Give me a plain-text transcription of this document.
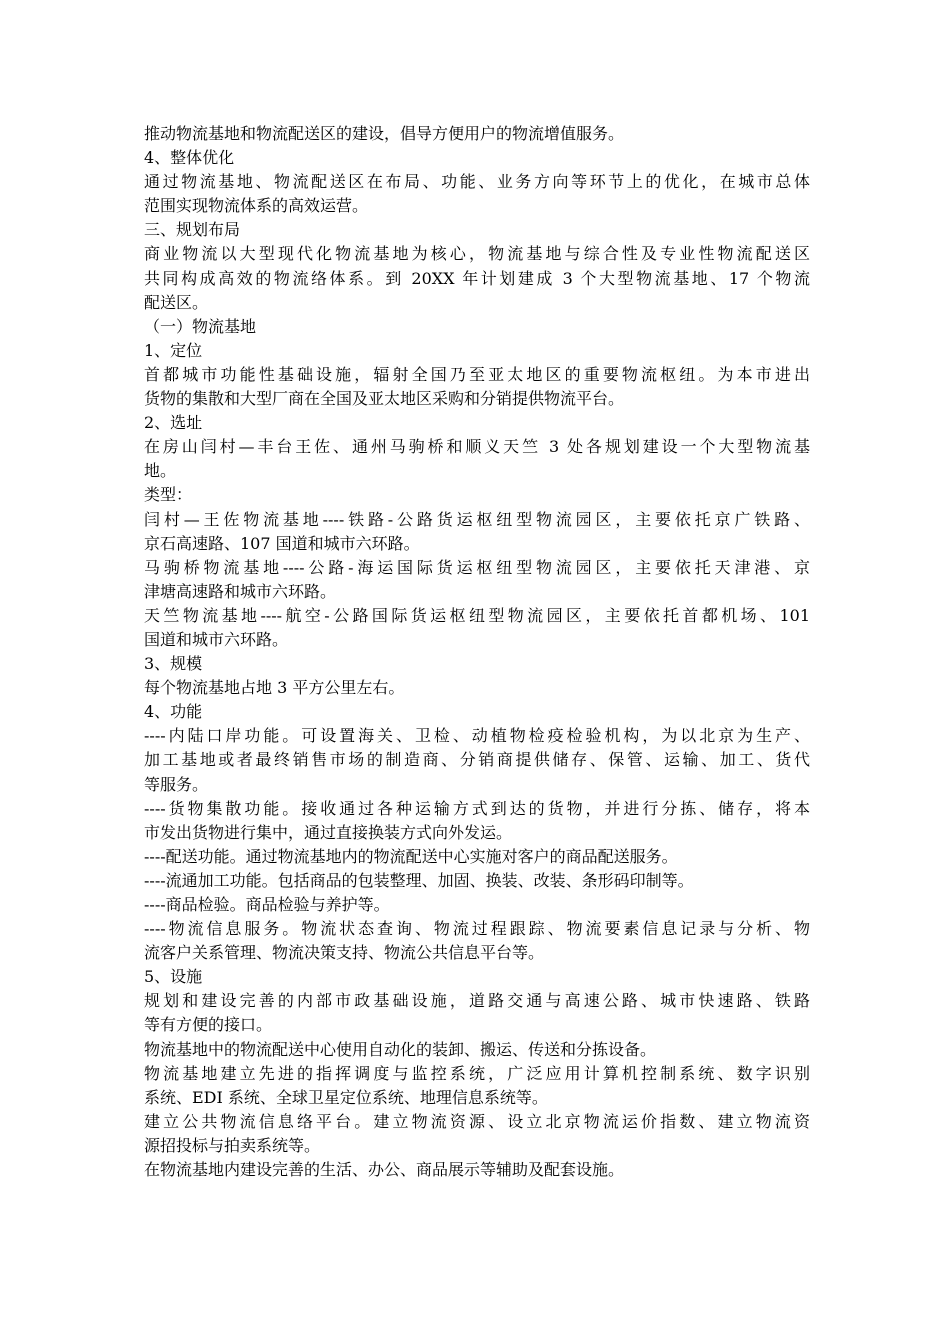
推动物流基地和物流配送区的建设，倡导方便用户的物流增值服务。
4、整体优化
通过物流基地、物流配送区在布局、功能、业务方向等环节上的优化，在城市总体
范围实现物流体系的高效运营。
三、规划布局
商业物流以大型现代化物流基地为核心，物流基地与综合性及专业性物流配送区
共同构成高效的物流络体系。到 20XX 年计划建成 3 个大型物流基地、17 个物流
配送区。
（一）物流基地
1、定位
首都城市功能性基础设施，辐射全国乃至亚太地区的重要物流枢纽。为本市进出
货物的集散和大型厂商在全国及亚太地区采购和分销提供物流平台。
2、选址
在房山闫村—丰台王佐、通州马驹桥和顺义天竺 3 处各规划建设一个大型物流基
地。
类型：
闫村—王佐物流基地----铁路-公路货运枢纽型物流园区，主要依托京广铁路、
京石高速路、107 国道和城市六环路。
马驹桥物流基地----公路-海运国际货运枢纽型物流园区，主要依托天津港、京
津塘高速路和城市六环路。
天竺物流基地----航空-公路国际货运枢纽型物流园区，主要依托首都机场、101
国道和城市六环路。
3、规模
每个物流基地占地 3 平方公里左右。
4、功能
----内陆口岸功能。可设置海关、卫检、动植物检疫检验机构，为以北京为生产、
加工基地或者最终销售市场的制造商、分销商提供储存、保管、运输、加工、货代
等服务。
----货物集散功能。接收通过各种运输方式到达的货物，并进行分拣、储存，将本
市发出货物进行集中，通过直接换装方式向外发运。
----配送功能。通过物流基地内的物流配送中心实施对客户的商品配送服务。
----流通加工功能。包括商品的包装整理、加固、换装、改装、条形码印制等。
----商品检验。商品检验与养护等。
----物流信息服务。物流状态查询、物流过程跟踪、物流要素信息记录与分析、物
流客户关系管理、物流决策支持、物流公共信息平台等。
5、设施
规划和建设完善的内部市政基础设施，道路交通与高速公路、城市快速路、铁路
等有方便的接口。
物流基地中的物流配送中心使用自动化的装卸、搬运、传送和分拣设备。
物流基地建立先进的指挥调度与监控系统，广泛应用计算机控制系统、数字识别
系统、EDI 系统、全球卫星定位系统、地理信息系统等。
建立公共物流信息络平台。建立物流资源、设立北京物流运价指数、建立物流资
源招投标与拍卖系统等。
在物流基地内建设完善的生活、办公、商品展示等辅助及配套设施。
